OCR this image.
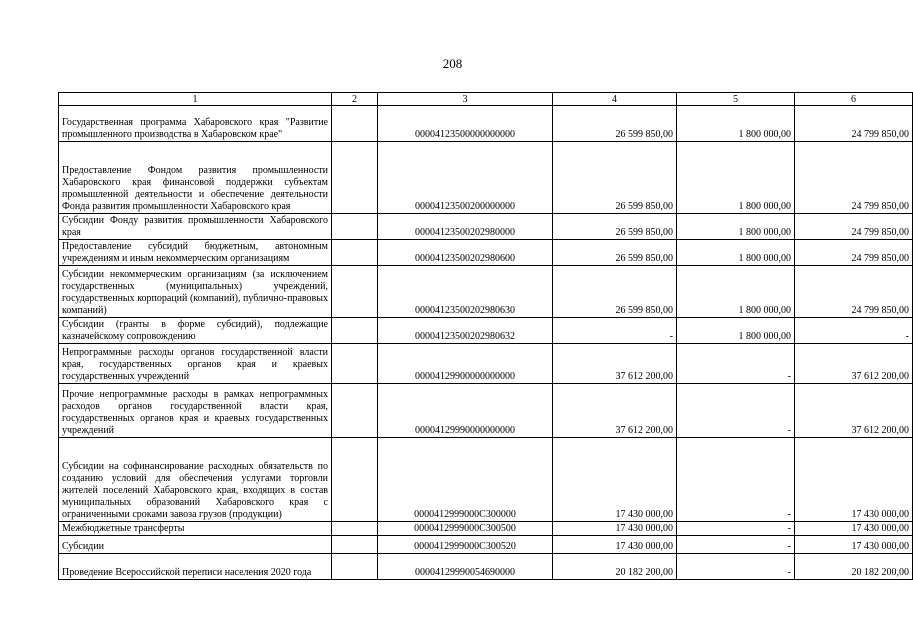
208
1	2	3	4	5	6
Государственная программа Хабаровского края "Развитие промышленного производства в Хабаровском крае"		00004123500000000000	26 599 850,00	1 800 000,00	24 799 850,00
Предоставление Фондом развития промышленности Хабаровского края финансовой поддержки субъектам промышленной деятельности и обеспечение деятельности Фонда развития промышленности Хабаровского края		00004123500200000000	26 599 850,00	1 800 000,00	24 799 850,00
Субсидии Фонду развития промышленности Хабаровского края		00004123500202980000	26 599 850,00	1 800 000,00	24 799 850,00
Предоставление субсидий бюджетным, автономным учреждениям и иным некоммерческим организациям		00004123500202980600	26 599 850,00	1 800 000,00	24 799 850,00
Субсидии некоммерческим организациям (за исключением государственных (муниципальных) учреждений, государственных корпораций (компаний), публично-правовых компаний)		00004123500202980630	26 599 850,00	1 800 000,00	24 799 850,00
Субсидии (гранты в форме субсидий), подлежащие казначейскому сопровождению		00004123500202980632	-	1 800 000,00	-
Непрограммные расходы органов государственной власти края, государственных органов края и краевых государственных учреждений		00004129900000000000	37 612 200,00	-	37 612 200,00
Прочие непрограммные расходы в рамках непрограммных расходов органов государственной власти края, государственных органов края и краевых государственных учреждений		00004129990000000000	37 612 200,00	-	37 612 200,00
Субсидии на софинансирование расходных обязательств по созданию условий для обеспечения услугами торговли жителей поселений Хабаровского края, входящих в состав муниципальных образований Хабаровского края с ограниченными сроками завоза грузов (продукции)		0000412999000C300000	17 430 000,00	-	17 430 000,00
Межбюджетные трансферты		0000412999000C300500	17 430 000,00	-	17 430 000,00
Субсидии		0000412999000C300520	17 430 000,00	-	17 430 000,00
Проведение Всероссийской переписи населения 2020 года		00004129990054690000	20 182 200,00	-	20 182 200,00
